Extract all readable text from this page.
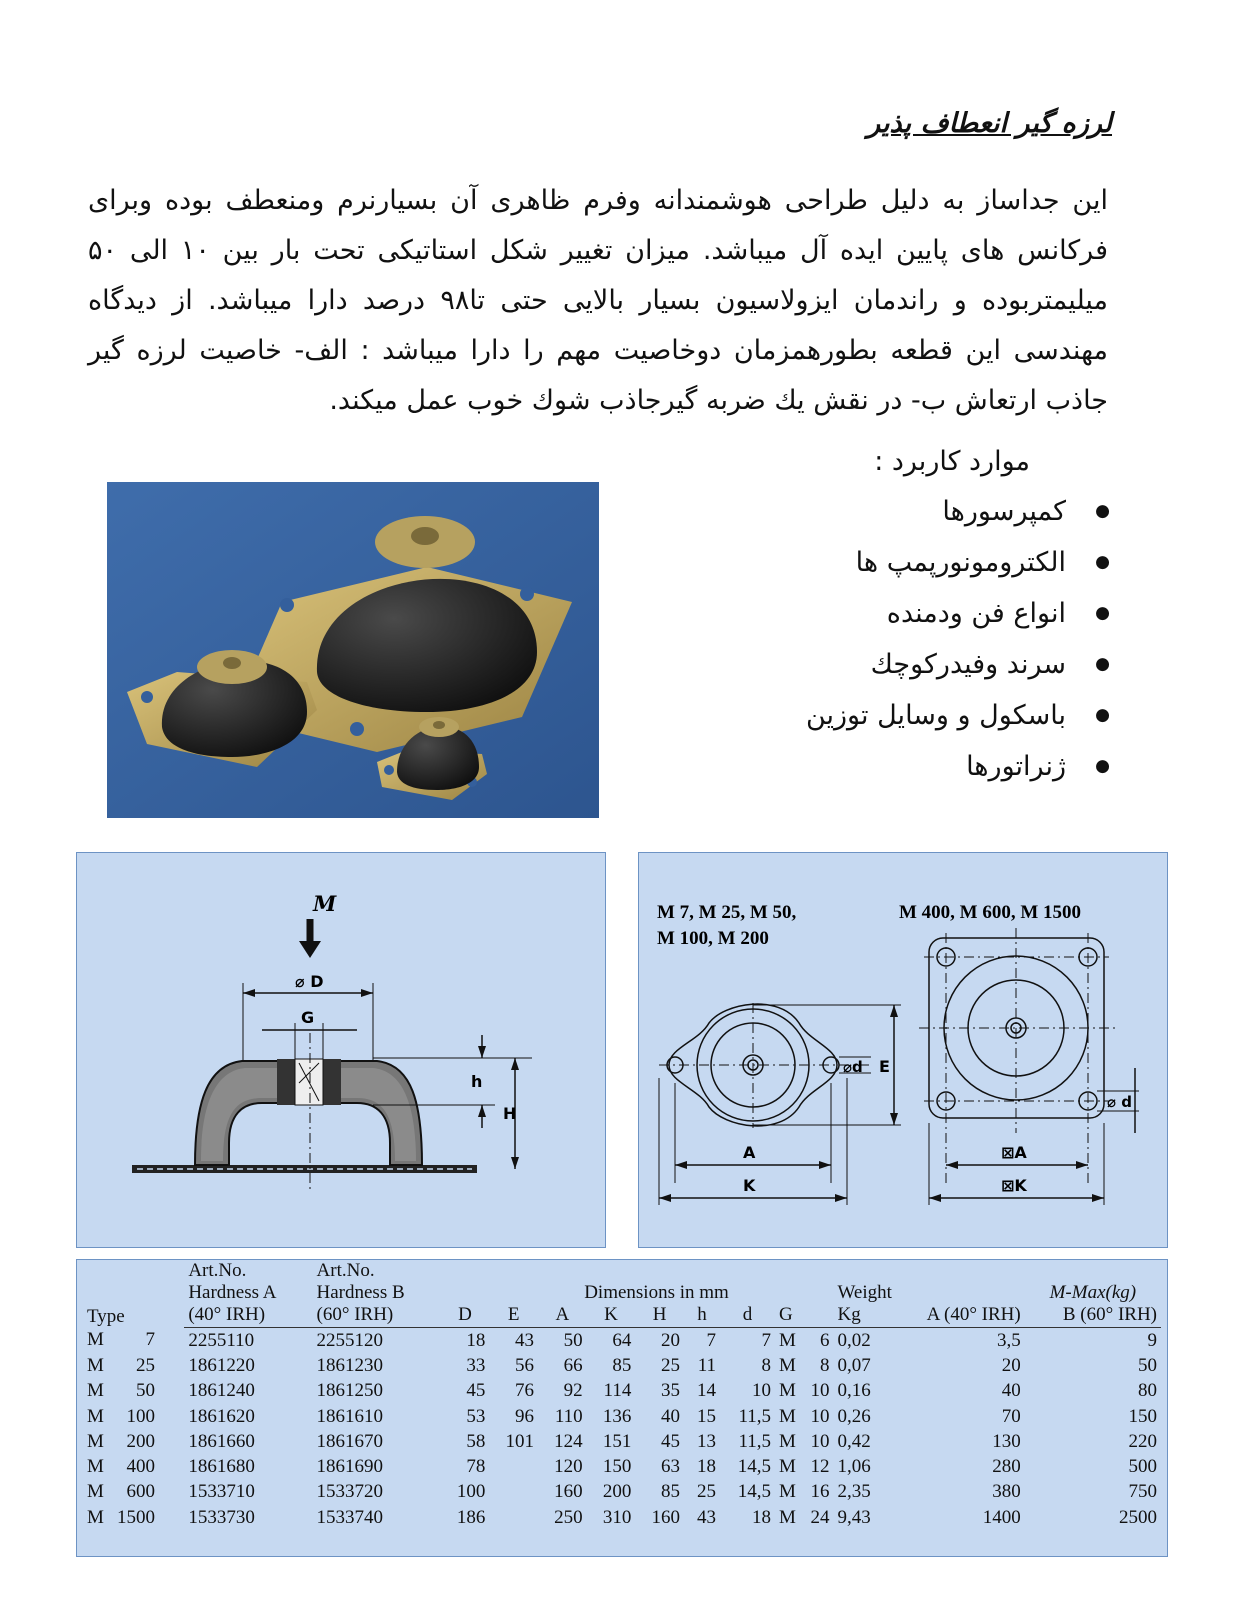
لرزه گیر انعطاف پذیر

این جداساز به دلیل طراحی هوشمندانه وفرم ظاهری آن بسیارنرم ومنعطف بوده وبرای فرکانس های پایین ایده آل میباشد. میزان تغییر شکل استاتیکی تحت بار بین ۱۰ الی ۵۰ میلیمتربوده و راندمان ایزولاسیون بسیار بالایی حتی تا۹۸ درصد دارا میباشد. از دیدگاه مهندسی این قطعه بطورهمزمان دوخاصیت مهم را دارا میباشد : الف- خاصیت لرزه گیر جاذب ارتعاش ب- در نقش یك ضربه گیرجاذب شوك خوب عمل میكند.

موارد کاربرد :
● کمپرسورها
● الکترومونورپمپ ها
● انواع فن ودمنده
● سرند وفیدرکوچك
● باسکول و وسایل توزین
● ژنراتورها
M
⌀ D
G
h
H
M 7, M 25, M 50,
M 100, M 200
M 400, M 600, M 1500
E
⌀d
A
K
⌀ d
⊠A
⊠K
Type	Art.No.	Art.No.												
	Hardness A	Hardness B			Dimensions in mm							Weight		M-Max(kg)
	(40° IRH)	(60° IRH)	D	E	A	K	H	h	d	G		Kg	A (40° IRH)	B (60° IRH)

M 7	2255110	2255120	18	43	50	64	20	7	7	M	6	0,02	3,5	9

M 25	1861220	1861230	33	56	66	85	25	11	8	M	8	0,07	20	50

M 50	1861240	1861250	45	76	92	114	35	14	10	M	10	0,16	40	80

M 100	1861620	1861610	53	96	110	136	40	15	11,5	M	10	0,26	70	150

M 200	1861660	1861670	58	101	124	151	45	13	11,5	M	10	0,42	130	220

M 400	1861680	1861690	78		120	150	63	18	14,5	M	12	1,06	280	500

M 600	1533710	1533720	100		160	200	85	25	14,5	M	16	2,35	380	750

M 1500	1533730	1533740	186		250	310	160	43	18	M	24	9,43	1400	2500
